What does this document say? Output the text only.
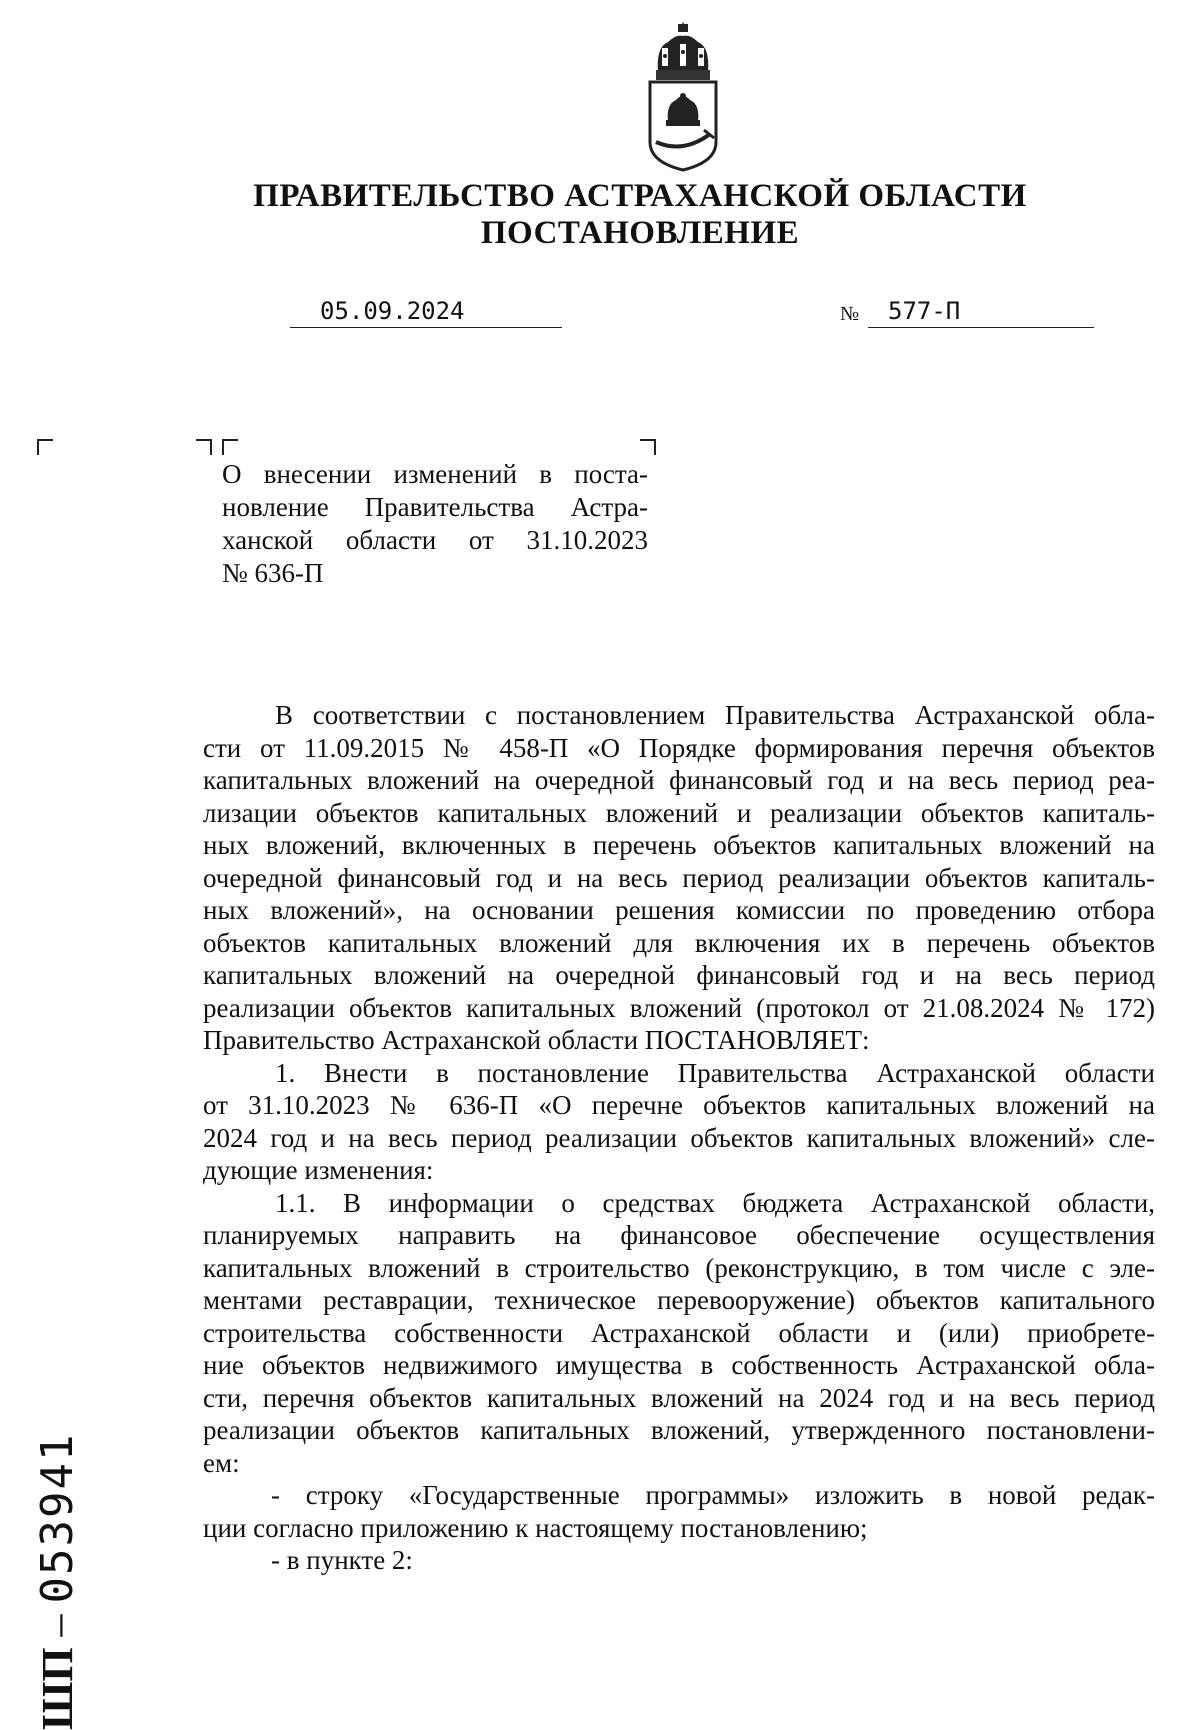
ПРАВИТЕЛЬСТВО АСТРАХАНСКОЙ ОБЛАСТИ
ПОСТАНОВЛЕНИЕ
05.09.2024	№ 577-П
О внесении изменений в поста-
новление Правительства Астра-
ханской области от 31.10.2023
№ 636-П
В соответствии с постановлением Правительства Астраханской обла-
сти от 11.09.2015 № 458-П «О Порядке формирования перечня объектов
капитальных вложений на очередной финансовый год и на весь период реа-
лизации объектов капитальных вложений и реализации объектов капиталь-
ных вложений, включенных в перечень объектов капитальных вложений на
очередной финансовый год и на весь период реализации объектов капиталь-
ных вложений», на основании решения комиссии по проведению отбора
объектов капитальных вложений для включения их в перечень объектов
капитальных вложений на очередной финансовый год и на весь период
реализации объектов капитальных вложений (протокол от 21.08.2024 № 172)
Правительство Астраханской области ПОСТАНОВЛЯЕТ:
1. Внести в постановление Правительства Астраханской области
от 31.10.2023 № 636-П «О перечне объектов капитальных вложений на
2024 год и на весь период реализации объектов капитальных вложений» сле-
дующие изменения:
1.1. В информации о средствах бюджета Астраханской области,
планируемых направить на финансовое обеспечение осуществления
капитальных вложений в строительство (реконструкцию, в том числе с эле-
ментами реставрации, техническое перевооружение) объектов капитального
строительства собственности Астраханской области и (или) приобрете-
ние объектов недвижимого имущества в собственность Астраханской обла-
сти, перечня объектов капитальных вложений на 2024 год и на весь период
реализации объектов капитальных вложений, утвержденного постановлени-
ем:
- строку «Государственные программы» изложить в новой редак-
ции согласно приложению к настоящему постановлению;
- в пункте 2:
ШП – 053941
